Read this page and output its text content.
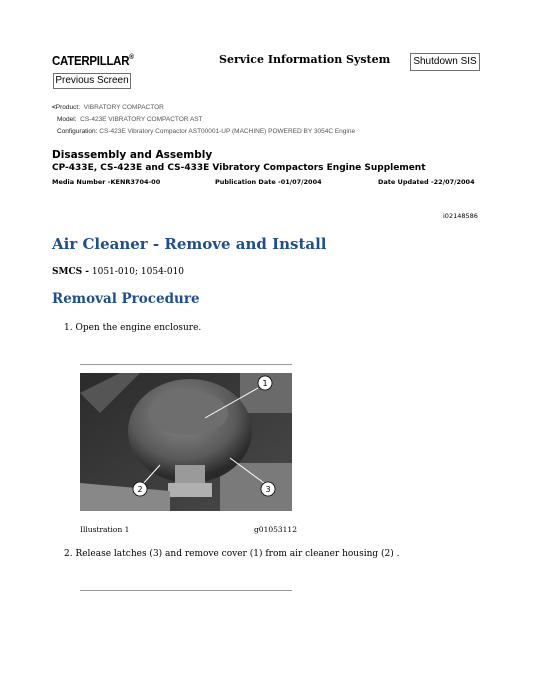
CATERPILLAR®	Service Information System	Shutdown SIS
Previous Screen
<Product: VIBRATORY COMPACTOR
Model: CS-423E VIBRATORY COMPACTOR AST
Configuration: CS-423E Vibratory Compactor AST00001-UP (MACHINE) POWERED BY 3054C Engine
Disassembly and Assembly
CP-433E, CS-423E and CS-433E Vibratory Compactors Engine Supplement
Media Number -KENR3704-00	Publication Date -01/07/2004	Date Updated -22/07/2004
i02148586
Air Cleaner - Remove and Install
SMCS - 1051-010; 1054-010
Removal Procedure
1. Open the engine enclosure.
1
2	3
Illustration 1	g01053112
2. Release latches (3) and remove cover (1) from air cleaner housing (2) .
